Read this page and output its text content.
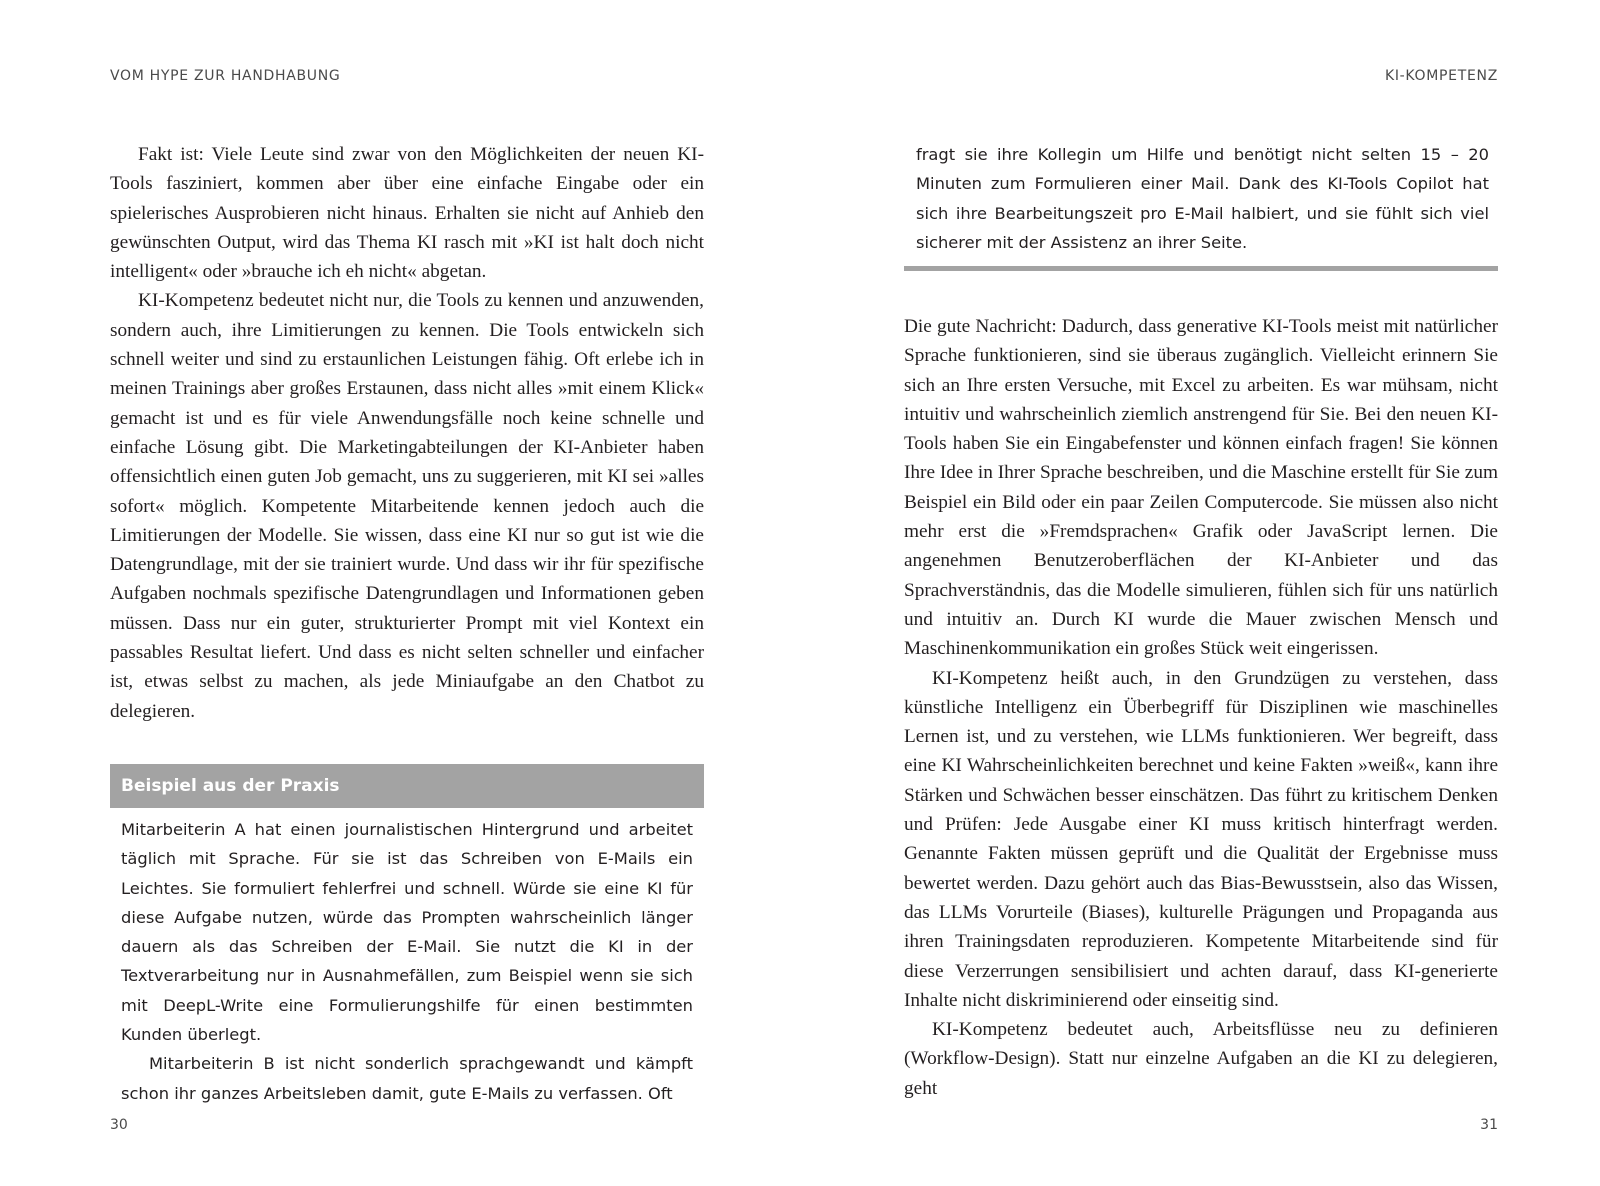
VOM HYPE ZUR HANDHABUNG

Fakt ist: Viele Leute sind zwar von den Möglichkeiten der neuen KI-Tools fasziniert, kommen aber über eine einfache Eingabe oder ein spielerisches Ausprobieren nicht hinaus. Erhalten sie nicht auf Anhieb den gewünschten Output, wird das Thema KI rasch mit »KI ist halt doch nicht intelligent« oder »brauche ich eh nicht« abgetan.

KI-Kompetenz bedeutet nicht nur, die Tools zu kennen und anzuwenden, sondern auch, ihre Limitierungen zu kennen. Die Tools entwickeln sich schnell weiter und sind zu erstaunlichen Leistungen fähig. Oft erlebe ich in meinen Trainings aber großes Erstaunen, dass nicht alles »mit einem Klick« gemacht ist und es für viele Anwendungsfälle noch keine schnelle und einfache Lösung gibt. Die Marketingabteilungen der KI-Anbieter haben offensichtlich einen guten Job gemacht, uns zu suggerieren, mit KI sei »alles sofort« möglich. Kompetente Mitarbeitende kennen jedoch auch die Limitierungen der Modelle. Sie wissen, dass eine KI nur so gut ist wie die Datengrundlage, mit der sie trainiert wurde. Und dass wir ihr für spezifische Aufgaben nochmals spezifische Datengrundlagen und Informationen geben müssen. Dass nur ein guter, strukturierter Prompt mit viel Kontext ein passables Resultat liefert. Und dass es nicht selten schneller und einfacher ist, etwas selbst zu machen, als jede Miniaufgabe an den Chatbot zu delegieren.

Beispiel aus der Praxis

Mitarbeiterin A hat einen journalistischen Hintergrund und arbeitet täglich mit Sprache. Für sie ist das Schreiben von E-Mails ein Leichtes. Sie formuliert fehlerfrei und schnell. Würde sie eine KI für diese Aufgabe nutzen, würde das Prompten wahrscheinlich länger dauern als das Schreiben der E-Mail. Sie nutzt die KI in der Textverarbeitung nur in Ausnahmefällen, zum Beispiel wenn sie sich mit DeepL-Write eine Formulierungshilfe für einen bestimmten Kunden überlegt.

Mitarbeiterin B ist nicht sonderlich sprachgewandt und kämpft schon ihr ganzes Arbeitsleben damit, gute E-Mails zu verfassen. Oft

30
KI-KOMPETENZ

fragt sie ihre Kollegin um Hilfe und benötigt nicht selten 15 – 20 Minuten zum Formulieren einer Mail. Dank des KI-Tools Copilot hat sich ihre Bearbeitungszeit pro E-Mail halbiert, und sie fühlt sich viel sicherer mit der Assistenz an ihrer Seite.

Die gute Nachricht: Dadurch, dass generative KI-Tools meist mit natürlicher Sprache funktionieren, sind sie überaus zugänglich. Vielleicht erinnern Sie sich an Ihre ersten Versuche, mit Excel zu arbeiten. Es war mühsam, nicht intuitiv und wahrscheinlich ziemlich anstrengend für Sie. Bei den neuen KI-Tools haben Sie ein Eingabefenster und können einfach fragen! Sie können Ihre Idee in Ihrer Sprache beschreiben, und die Maschine erstellt für Sie zum Beispiel ein Bild oder ein paar Zeilen Computercode. Sie müssen also nicht mehr erst die »Fremdsprachen« Grafik oder JavaScript lernen. Die angenehmen Benutzeroberflächen der KI-Anbieter und das Sprachverständnis, das die Modelle simulieren, fühlen sich für uns natürlich und intuitiv an. Durch KI wurde die Mauer zwischen Mensch und Maschinenkommunikation ein großes Stück weit eingerissen.

KI-Kompetenz heißt auch, in den Grundzügen zu verstehen, dass künstliche Intelligenz ein Überbegriff für Disziplinen wie maschinelles Lernen ist, und zu verstehen, wie LLMs funktionieren. Wer begreift, dass eine KI Wahrscheinlichkeiten berechnet und keine Fakten »weiß«, kann ihre Stärken und Schwächen besser einschätzen. Das führt zu kritischem Denken und Prüfen: Jede Ausgabe einer KI muss kritisch hinterfragt werden. Genannte Fakten müssen geprüft und die Qualität der Ergebnisse muss bewertet werden. Dazu gehört auch das Bias-Bewusstsein, also das Wissen, das LLMs Vorurteile (Biases), kulturelle Prägungen und Propaganda aus ihren Trainingsdaten reproduzieren. Kompetente Mitarbeitende sind für diese Verzerrungen sensibilisiert und achten darauf, dass KI-generierte Inhalte nicht diskriminierend oder einseitig sind.

KI-Kompetenz bedeutet auch, Arbeitsflüsse neu zu definieren (Workflow-Design). Statt nur einzelne Aufgaben an die KI zu delegieren, geht

31
